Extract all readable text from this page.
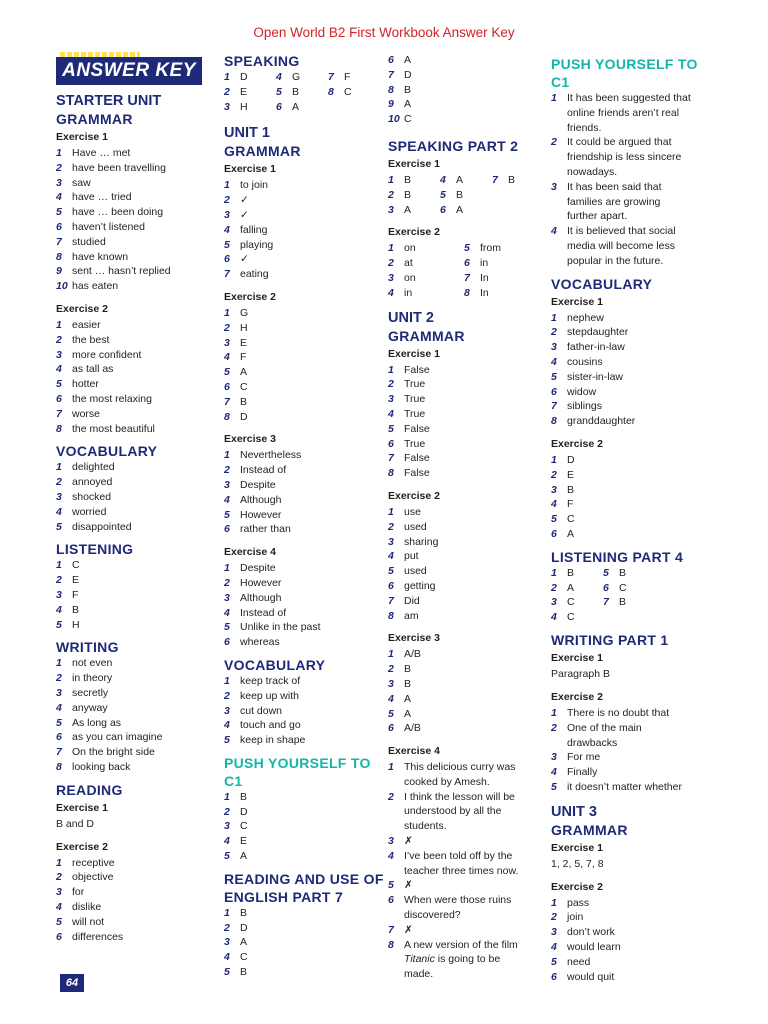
Open World B2 First Workbook Answer Key
ANSWER KEY
STARTER UNIT
GRAMMAR
Exercise 1
1 Have … met
2 have been travelling
3 saw
4 have … tried
5 have … been doing
6 haven’t listened
7 studied
8 have known
9 sent … hasn’t replied
10 has eaten
Exercise 2
1 easier
2 the best
3 more confident
4 as tall as
5 hotter
6 the most relaxing
7 worse
8 the most beautiful
VOCABULARY
1 delighted
2 annoyed
3 shocked
4 worried
5 disappointed
LISTENING
1 C
2 E
3 F
4 B
5 H
WRITING
1 not even
2 in theory
3 secretly
4 anyway
5 As long as
6 as you can imagine
7 On the bright side
8 looking back
READING
Exercise 1
B and D
Exercise 2
1 receptive
2 objective
3 for
4 dislike
5 will not
6 differences
SPEAKING
1 D	4 G	7 F
2 E	5 B	8 C
3 H	6 A
UNIT 1
GRAMMAR
Exercise 1
1 to join
2 ✓
3 ✓
4 falling
5 playing
6 ✓
7 eating
Exercise 2
1 G
2 H
3 E
4 F
5 A
6 C
7 B
8 D
Exercise 3
1 Nevertheless
2 Instead of
3 Despite
4 Although
5 However
6 rather than
Exercise 4
1 Despite
2 However
3 Although
4 Instead of
5 Unlike in the past
6 whereas
VOCABULARY
1 keep track of
2 keep up with
3 cut down
4 touch and go
5 keep in shape
PUSH YOURSELF TO C1
1 B
2 D
3 C
4 E
5 A
READING AND USE OF
ENGLISH PART 7
1 B
2 D
3 A
4 C
5 B
6 A
7 D
8 B
9 A
10 C
SPEAKING PART 2
Exercise 1
1 B	4 A	7 B
2 B	5 B
3 A	6 A
Exercise 2
1 on	5 from
2 at	6 in
3 on	7 In
4 in	8 In
UNIT 2
GRAMMAR
Exercise 1
1 False
2 True
3 True
4 True
5 False
6 True
7 False
8 False
Exercise 2
1 use
2 used
3 sharing
4 put
5 used
6 getting
7 Did
8 am
Exercise 3
1 A/B
2 B
3 B
4 A
5 A
6 A/B
Exercise 4
1 This delicious curry was
cooked by Amesh.
2 I think the lesson will be
understood by all the
students.
3 ✗
4 I’ve been told off by the
teacher three times now.
5 ✗
6 When were those ruins
discovered?
7 ✗
8 A new version of the film
Titanic is going to be
made.
PUSH YOURSELF TO C1
1 It has been suggested that
online friends aren’t real
friends.
2 It could be argued that
friendship is less sincere
nowadays.
3 It has been said that
families are growing
further apart.
4 It is believed that social
media will become less
popular in the future.
VOCABULARY
Exercise 1
1 nephew
2 stepdaughter
3 father-in-law
4 cousins
5 sister-in-law
6 widow
7 siblings
8 granddaughter
Exercise 2
1 D
2 E
3 B
4 F
5 C
6 A
LISTENING PART 4
1 B	5 B
2 A	6 C
3 C	7 B
4 C
WRITING PART 1
Exercise 1
Paragraph B
Exercise 2
1 There is no doubt that
2 One of the main
drawbacks
3 For me
4 Finally
5 it doesn’t matter whether
UNIT 3
GRAMMAR
Exercise 1
1, 2, 5, 7, 8
Exercise 2
1 pass
2 join
3 don’t work
4 would learn
5 need
6 would quit
64
